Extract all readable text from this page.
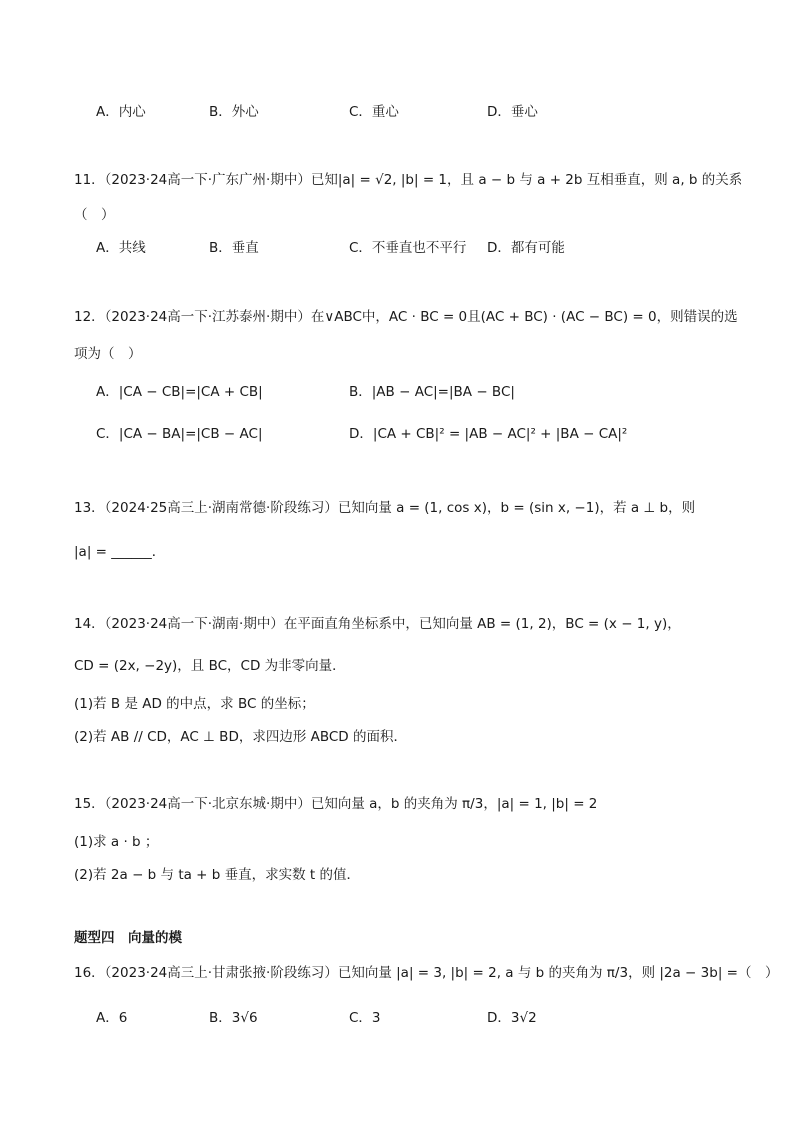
A．内心	B．外心	C．重心	D．垂心
11．（2023·24高一下·广东广州·期中）已知|a| = √2, |b| = 1，且 a − b 与 a + 2b 互相垂直，则 a, b 的关系
（　）
A．共线	B．垂直	C．不垂直也不平行 D．都有可能
12．（2023·24高一下·江苏泰州·期中）在∨ABC中，AC · BC = 0且(AC + BC) · (AC − BC) = 0，则错误的选
项为（　）
A．|CA − CB|=|CA + CB|	B．|AB − AC|=|BA − BC|
C．|CA − BA|=|CB − AC|	D．|CA + CB|² = |AB − AC|² + |BA − CA|²
13．（2024·25高三上·湖南常德·阶段练习）已知向量 a = (1, cos x)，b = (sin x, −1)，若 a ⊥ b，则
|a| = ______．
14．（2023·24高一下·湖南·期中）在平面直角坐标系中，已知向量 AB = (1, 2)，BC = (x − 1, y)，
CD = (2x, −2y)，且 BC，CD 为非零向量．
(1)若 B 是 AD 的中点，求 BC 的坐标；
(2)若 AB // CD，AC ⊥ BD，求四边形 ABCD 的面积．
15．（2023·24高一下·北京东城·期中）已知向量 a，b 的夹角为 π/3，|a| = 1, |b| = 2
(1)求 a · b ；
(2)若 2a − b 与 ta + b 垂直，求实数 t 的值．
题型四　向量的模
16．（2023·24高三上·甘肃张掖·阶段练习）已知向量 |a| = 3, |b| = 2, a 与 b 的夹角为 π/3，则 |2a − 3b| =（　）
A．6	B．3√6	C．3	D．3√2
